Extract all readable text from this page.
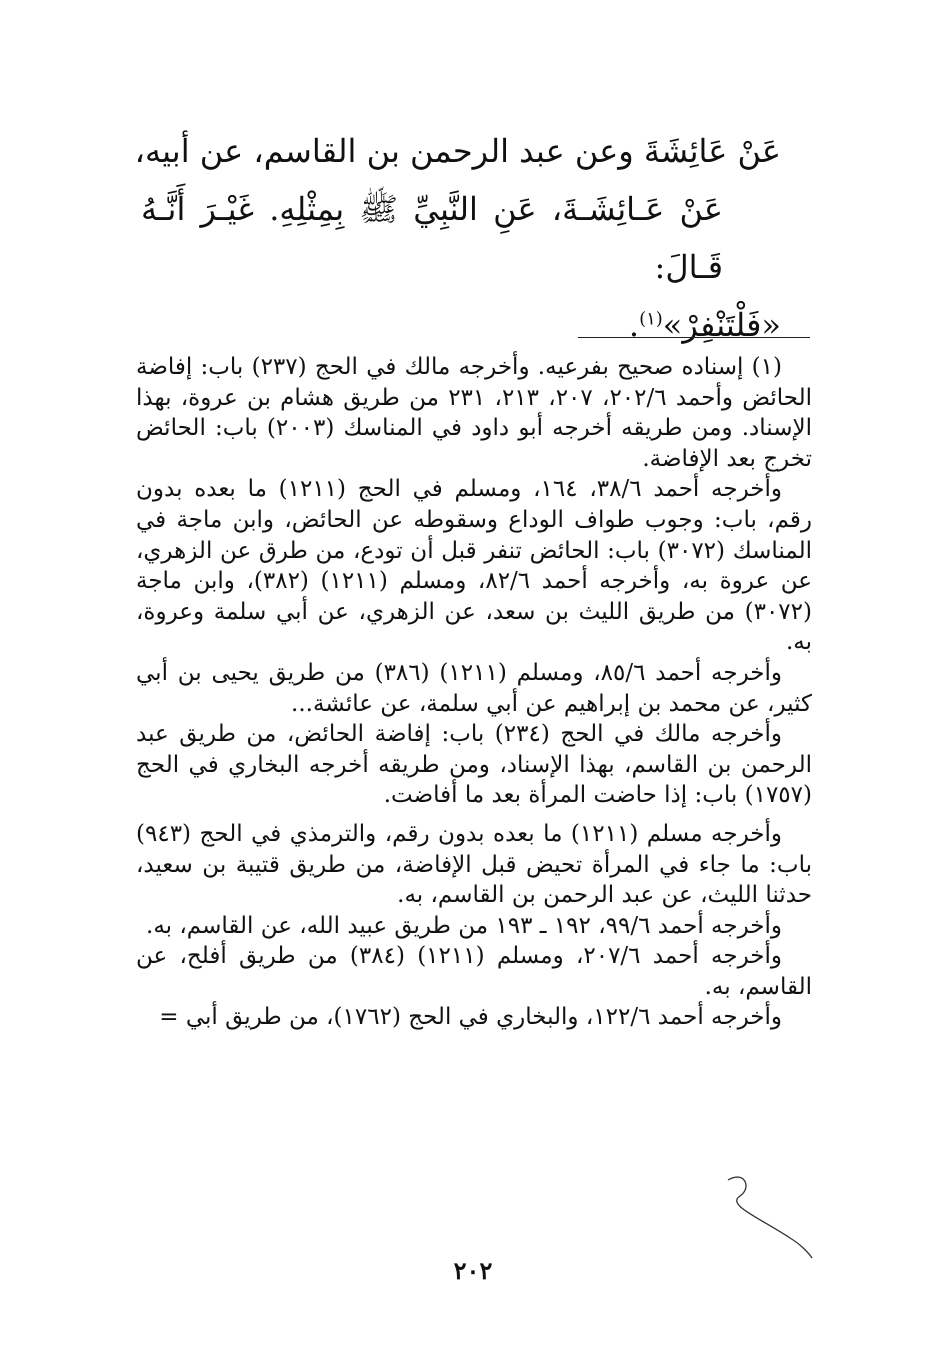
عَنْ عَائِشَةَ وعن عبد الرحمن بن القاسم، عن أبيه،
عَنْ عَـائِشَـةَ، عَنِ النَّبِيِّ ﷺ بِمِثْلِهِ. غَيْـرَ أَنَّـهُ قَـالَ:
«فَلْتَنْفِرْ»$^{(١)}$.

(١) إسناده صحيح بفرعيه. وأخرجه مالك في الحج (٢٣٧) باب: إفاضة الحائض وأحمد ٢٠٢/٦، ٢٠٧، ٢١٣، ٢٣١ من طريق هشام بن عروة، بهذا الإسناد. ومن طريقه أخرجه أبو داود في المناسك (٢٠٠٣) باب: الحائض تخرج بعد الإفاضة.

وأخرجه أحمد ٣٨/٦، ١٦٤، ومسلم في الحج (١٢١١) ما بعده بدون رقم، باب: وجوب طواف الوداع وسقوطه عن الحائض، وابن ماجة في المناسك (٣٠٧٢) باب: الحائض تنفر قبل أن تودع، من طرق عن الزهري، عن عروة به، وأخرجه أحمد ٨٢/٦، ومسلم (١٢١١) (٣٨٢)، وابن ماجة (٣٠٧٢) من طريق الليث بن سعد، عن الزهري، عن أبي سلمة وعروة، به.

وأخرجه أحمد ٨٥/٦، ومسلم (١٢١١) (٣٨٦) من طريق يحيى بن أبي كثير، عن محمد بن إبراهيم عن أبي سلمة، عن عائشة...

وأخرجه مالك في الحج (٢٣٤) باب: إفاضة الحائض، من طريق عبد الرحمن بن القاسم، بهذا الإسناد، ومن طريقه أخرجه البخاري في الحج (١٧٥٧) باب: إذا حاضت المرأة بعد ما أفاضت.

وأخرجه مسلم (١٢١١) ما بعده بدون رقم، والترمذي في الحج (٩٤٣) باب: ما جاء في المرأة تحيض قبل الإفاضة، من طريق قتيبة بن سعيد، حدثنا الليث، عن عبد الرحمن بن القاسم، به.

وأخرجه أحمد ٩٩/٦، ١٩٢ ـ ١٩٣ من طريق عبيد الله، عن القاسم، به.

وأخرجه أحمد ٢٠٧/٦، ومسلم (١٢١١) (٣٨٤) من طريق أفلح، عن القاسم، به.

وأخرجه أحمد ١٢٢/٦، والبخاري في الحج (١٧٦٢)، من طريق أبي =

٢٠٢
